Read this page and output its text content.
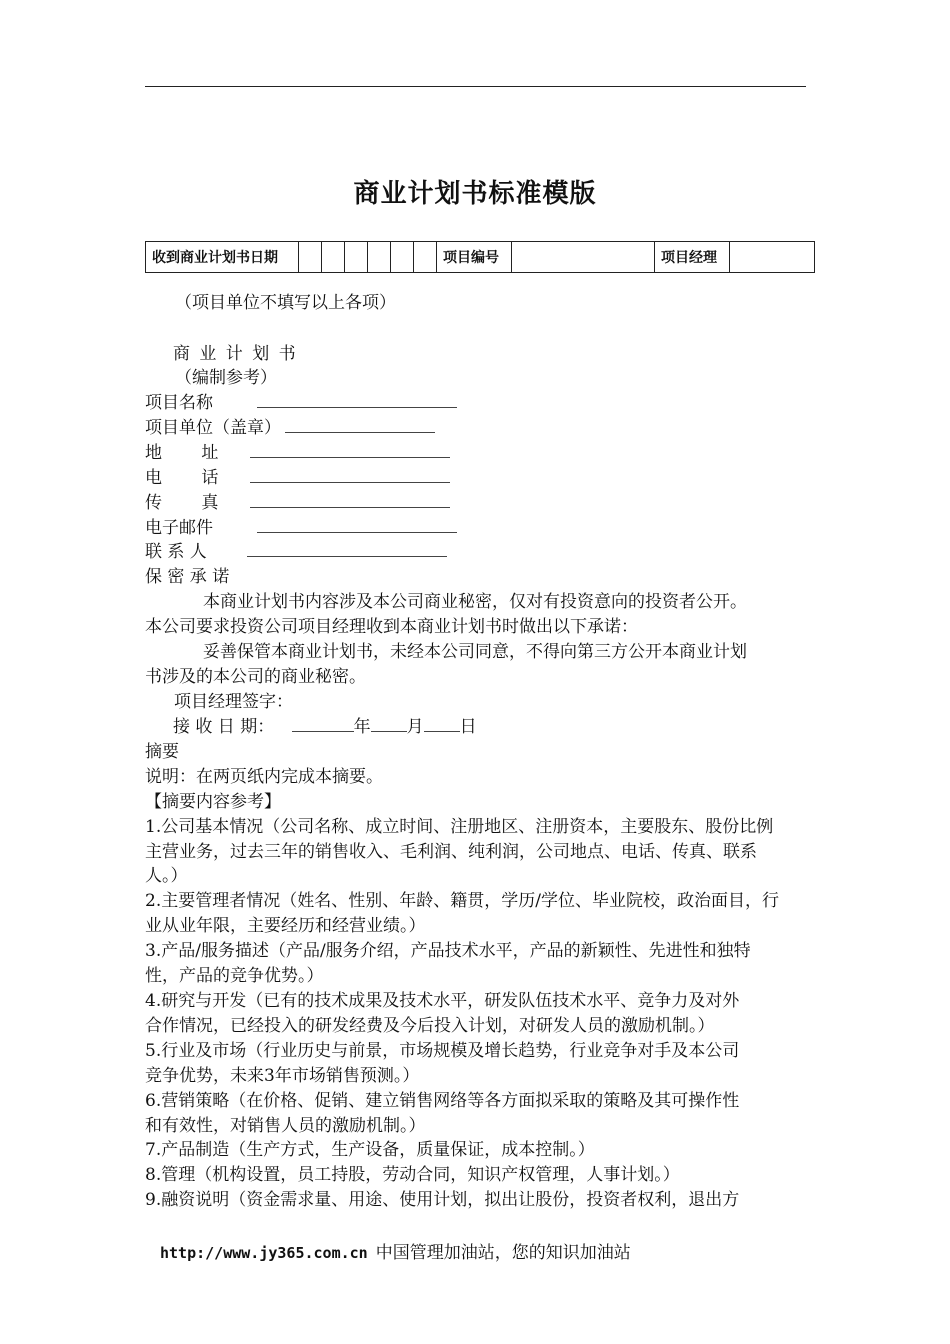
商业计划书标准模版
收到商业计划书日期							项目编号		项目经理	
（项目单位不填写以上各项）
商 业 计 划 书
（编制参考）
项目名称
项目单位（盖章）
地　　 址
电　　 话
传　　 真
电子邮件
联 系 人
保 密 承 诺
本商业计划书内容涉及本公司商业秘密，仅对有投资意向的投资者公开。
本公司要求投资公司项目经理收到本商业计划书时做出以下承诺：
妥善保管本商业计划书，未经本公司同意，不得向第三方公开本商业计划
书涉及的本公司的商业秘密。
项目经理签字：
接 收 日 期：	年 月 日
摘要
说明：在两页纸内完成本摘要。
【摘要内容参考】
1.公司基本情况（公司名称、成立时间、注册地区、注册资本，主要股东、股份比例
主营业务，过去三年的销售收入、毛利润、纯利润，公司地点、电话、传真、联系
人。）
2.主要管理者情况（姓名、性别、年龄、籍贯，学历/学位、毕业院校，政治面目，行
业从业年限，主要经历和经营业绩。）
3.产品/服务描述（产品/服务介绍，产品技术水平，产品的新颖性、先进性和独特
性，产品的竞争优势。）
4.研究与开发（已有的技术成果及技术水平，研发队伍技术水平、竞争力及对外
合作情况，已经投入的研发经费及今后投入计划，对研发人员的激励机制。）
5.行业及市场（行业历史与前景，市场规模及增长趋势，行业竞争对手及本公司
竞争优势，未来3年市场销售预测。）
6.营销策略（在价格、促销、建立销售网络等各方面拟采取的策略及其可操作性
和有效性，对销售人员的激励机制。）
7.产品制造（生产方式，生产设备，质量保证，成本控制。）
8.管理（机构设置，员工持股，劳动合同，知识产权管理，人事计划。）
9.融资说明（资金需求量、用途、使用计划，拟出让股份，投资者权利，退出方
http://www.jy365.com.cn 中国管理加油站，您的知识加油站
